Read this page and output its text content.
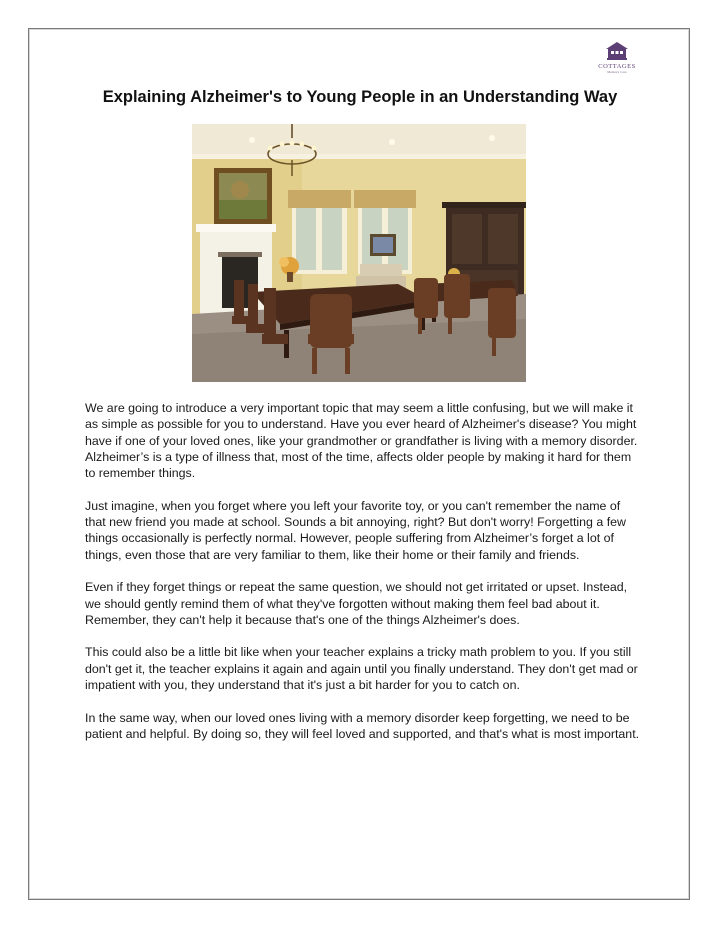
COTTAGES
Memory Care
Explaining Alzheimer's to Young People in an Understanding Way

We are going to introduce a very important topic that may seem a little confusing, but we will make it as simple as possible for you to understand. Have you ever heard of Alzheimer's disease? You might have if one of your loved ones, like your grandmother or grandfather is living with a memory disorder. Alzheimer’s is a type of illness that, most of the time, affects older people by making it hard for them to remember things.

Just imagine, when you forget where you left your favorite toy, or you can't remember the name of that new friend you made at school. Sounds a bit annoying, right? But don't worry! Forgetting a few things occasionally is perfectly normal. However, people suffering from Alzheimer’s forget a lot of things, even those that are very familiar to them, like their home or their family and friends.

Even if they forget things or repeat the same question, we should not get irritated or upset. Instead, we should gently remind them of what they've forgotten without making them feel bad about it. Remember, they can't help it because that's one of the things Alzheimer's does.

This could also be a little bit like when your teacher explains a tricky math problem to you. If you still don't get it, the teacher explains it again and again until you finally understand. They don't get mad or impatient with you, they understand that it's just a bit harder for you to catch on.

In the same way, when our loved ones living with a memory disorder keep forgetting, we need to be patient and helpful. By doing so, they will feel loved and supported, and that's what is most important.
